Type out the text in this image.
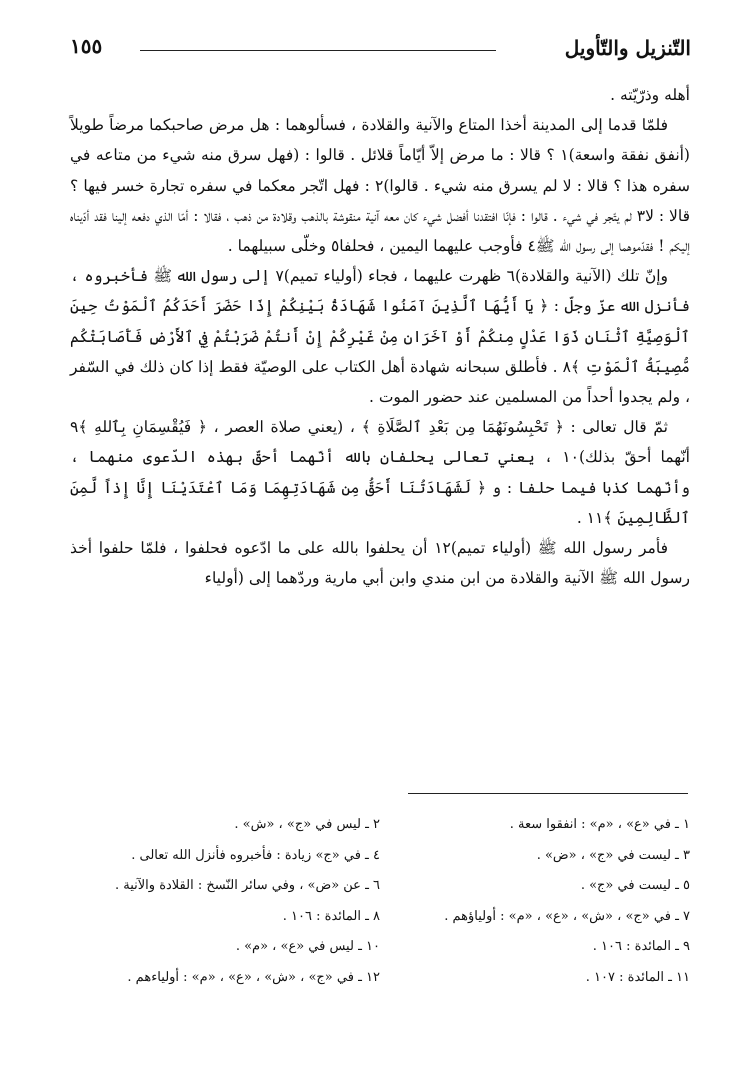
التّنزيل والتّأويل
١٥٥

أهله وذرّيّته .

فلمّا قدما إلى المدينة أخذا المتاع والآنية والقلادة ، فسألوهما : هل مرض صاحبكما مرضاً طويلاً (أنفق نفقة واسعة)١ ؟ قالا : ما مرض إلاّ أيّاماً قلائل . قالوا : (فهل سرق منه شيء من متاعه في سفره هذا ؟ قالا : لا لم يسرق منه شيء . قالوا)٢ : فهل اتّجر معكما في سفره تجارة خسر فيها ؟ قالا : لا٣ لم يتّجر في شيء . قالوا : فإنّا افتقدنا أفضل شيء كان معه آنية منقوشة بالذهب وقلادة من ذهب ، فقالا : أمّا الذي دفعه إلينا فقد أدّيناه إليكم ! فقدّموهما إلى رسول الله ﷺ٤ فأوجب عليهما اليمين ، فحلفا٥ وخلّى سبيلهما .

وإنّ تلك (الآنية والقلادة)٦ ظهرت عليهما ، فجاء (أولياء تميم)٧ إلى رسول الله ﷺ فأخبروه ، فأنزل الله عزّ وجلّ : ﴿ يَا أَيُّهَا ٱلَّذِينَ آمَنُوا شَهَادَةُ بَيْنِكُمْ إِذَا حَضَرَ أَحَدَكُمُ ٱلْمَوْتُ حِينَ ٱلْوَصِيَّةِ ٱثْنَانِ ذَوَا عَدْلٍ مِنكُمْ أَوْ آخَرَانِ مِنْ غَيْرِكُمْ إِنْ أَنتُمْ ضَرَبْتُمْ فِي ٱلأَرْضِ فَأَصَابَتْكُم مُّصِيبَةُ ٱلْمَوْتِ ﴾٨ . فأطلق سبحانه شهادة أهل الكتاب على الوصيّة فقط إذا كان ذلك في السّفر ، ولم يجدوا أحداً من المسلمين عند حضور الموت .

ثمّ قال تعالى : ﴿ تَحْبِسُونَهُمَا مِن بَعْدِ ٱلصَّلَاةِ ﴾ ، (يعني صلاة العصر ، ﴿ فَيُقْسِمَانِ بِٱللهِ ﴾٩ أنّهما أحقّ بذلك)١٠ ، يعني تعالى يحلفان بالله أنّهما أحقّ بهذه الدّعوى منهما ، وأنّهما كذبا فيما حلفا : و ﴿ لَشَهَادَتُنَا أَحَقُّ مِن شَهَادَتِهِمَا وَمَا ٱعْتَدَيْنَا إِنَّا إِذاً لَّمِنَ ٱلظَّالِمِينَ ﴾١١ .

فأمر رسول الله ﷺ (أولياء تميم)١٢ أن يحلفوا بالله على ما ادّعوه فحلفوا ، فلمّا حلفوا أخذ رسول الله ﷺ الآنية والقلادة من ابن مندي وابن أبي مارية وردّهما إلى (أولياء

١ ـ في «ع» ، «م» : انفقوا سعة .
٢ ـ ليس في «ج» ، «ش» .
٣ ـ ليست في «ج» ، «ض» .
٤ ـ في «ج» زيادة : فأخبروه فأنزل الله تعالى .
٥ ـ ليست في «ج» .
٦ ـ عن «ض» ، وفي سائر النّسخ : القلادة والآنية .
٧ ـ في «ج» ، «ش» ، «ع» ، «م» : أولياؤهم .
٨ ـ المائدة : ١٠٦ .
٩ ـ المائدة : ١٠٦ .
١٠ ـ ليس في «ع» ، «م» .
١١ ـ المائدة : ١٠٧ .
١٢ ـ في «ج» ، «ش» ، «ع» ، «م» : أولياءهم .
